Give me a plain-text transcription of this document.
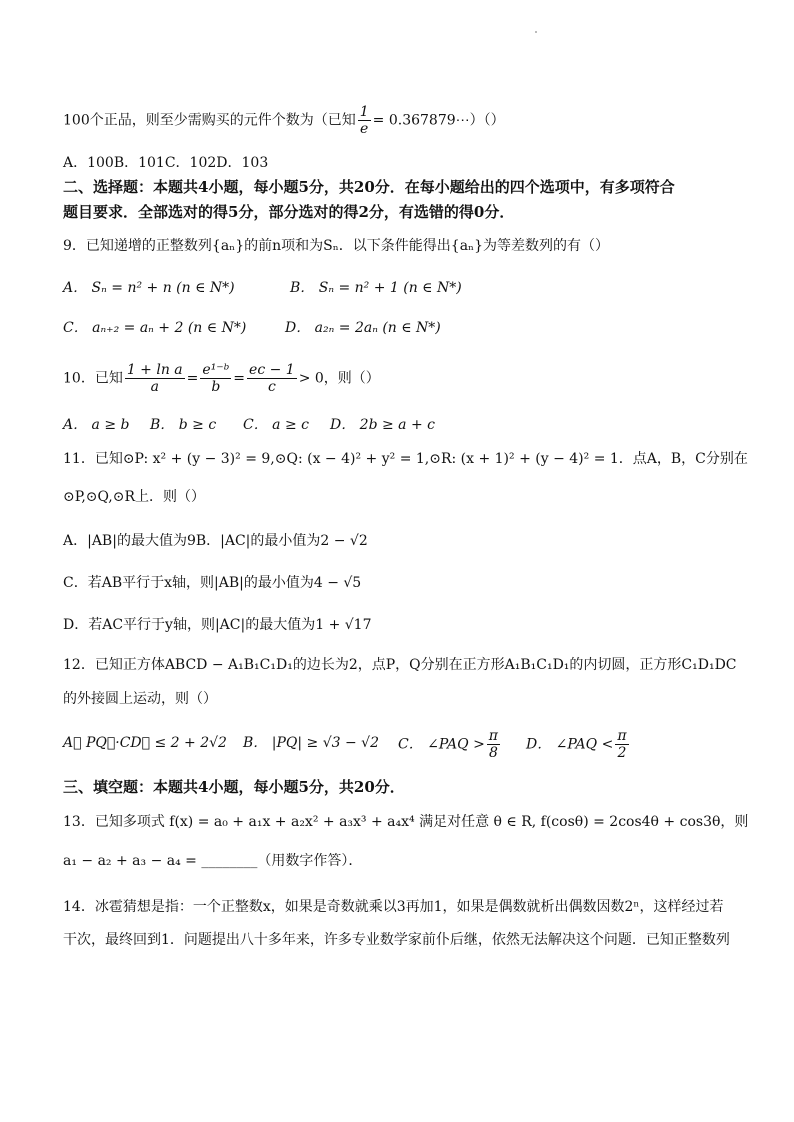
100个正品，则至少需购买的元件个数为（已知 $\frac{1}{e}$ = 0.367879⋯）（）
A．100B．101C．102D．103
二、选择题：本题共4小题，每小题5分，共20分．在每小题给出的四个选项中，有多项符合
题目要求．全部选对的得5分，部分选对的得2分，有选错的得0分．
9．已知递增的正整数列{aₙ}的前n项和为Sₙ．以下条件能得出{aₙ}为等差数列的有（）
A． Sₙ = n² + n (n ∈ N*)	B． Sₙ = n² + 1 (n ∈ N*)
C． aₙ₊₂ = aₙ + 2 (n ∈ N*)	D． a₂ₙ = 2aₙ (n ∈ N*)
10．已知 $\frac{\text{1 + ln a}}{a} = \frac{\text{e¹⁻ᵇ}}{b} = \frac{ec - 1}{c} > 0$，则（）
A． a ≥ b B． b ≥ c C． a ≥ c D． 2b ≥ a + c
11．已知⊙P: x² + (y − 3)² = 9,⊙Q: (x − 4)² + y² = 1,⊙R: (x + 1)² + (y − 4)² = 1．点A，B，C分别在
⊙P,⊙Q,⊙R上．则（）
A．|AB|的最大值为9B．|AC|的最小值为2 − √2
C．若AB平行于x轴，则|AB|的最小值为4 − √5
D．若AC平行于y轴，则|AC|的最大值为1 + √17
12．已知正方体ABCD − A₁B₁C₁D₁的边长为2，点P，Q分别在正方形A₁B₁C₁D₁的内切圆，正方形C₁D₁DC
的外接圆上运动，则（）
A． PQ⃗·CD⃗ ≤ 2 + 2√2 B． |PQ| ≥ √3 − √2 C． ∠PAQ > $\frac{\pi}{8}$ D． ∠PAQ < $\frac{\pi}{2}$
三、填空题：本题共4小题，每小题5分，共20分．
13．已知多项式 f(x) = a₀ + a₁x + a₂x² + a₃x³ + a₄x⁴ 满足对任意 θ ∈ R, f(cosθ) = 2cos4θ + cos3θ，则
a₁ − a₂ + a₃ − a₄ = ________（用数字作答）．
14．冰雹猜想是指：一个正整数x，如果是奇数就乘以3再加1，如果是偶数就析出偶数因数2ⁿ，这样经过若
干次，最终回到1．问题提出八十多年来，许多专业数学家前仆后继，依然无法解决这个问题．已知正整数列
